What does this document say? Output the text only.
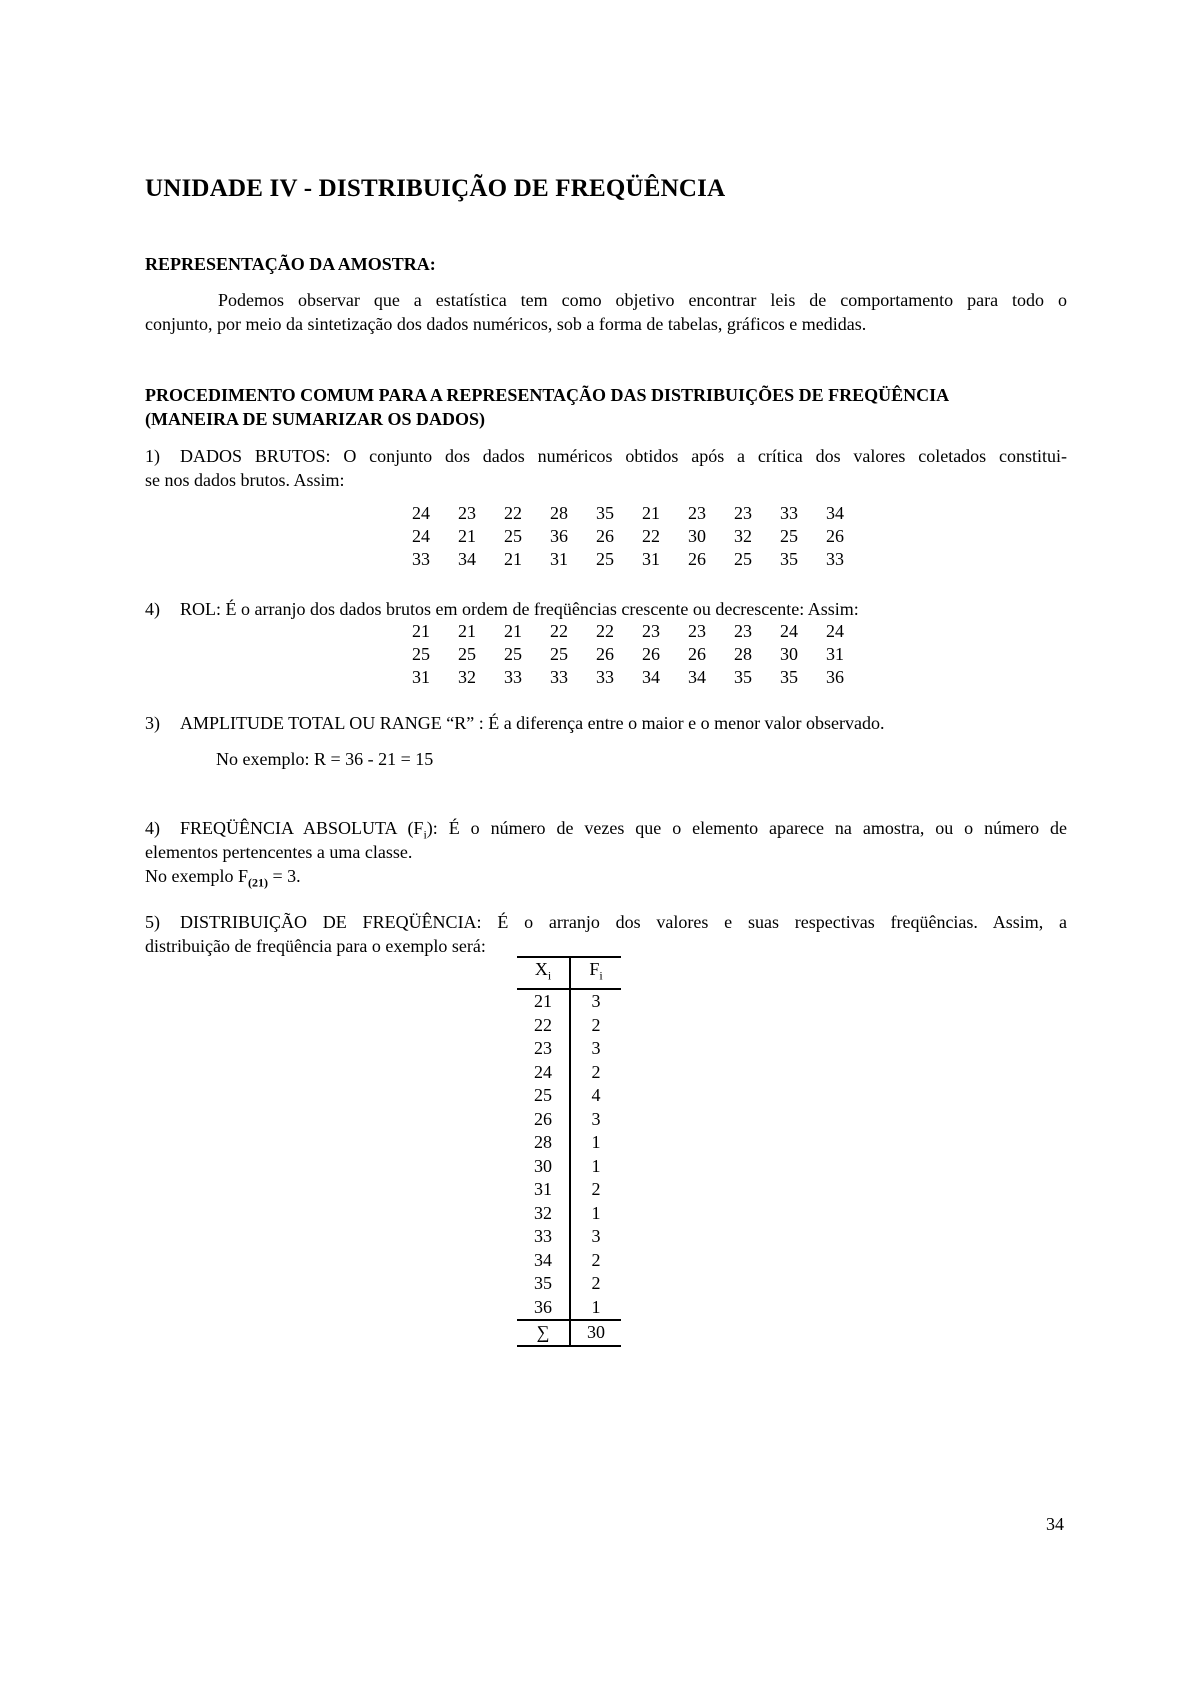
UNIDADE IV - DISTRIBUIÇÃO DE FREQÜÊNCIA
REPRESENTAÇÃO DA AMOSTRA:
Podemos observar que a estatística tem como objetivo encontrar leis de comportamento para todo o
conjunto, por meio da sintetização dos dados numéricos, sob a forma de tabelas, gráficos e medidas.
PROCEDIMENTO COMUM PARA A REPRESENTAÇÃO DAS DISTRIBUIÇÕES DE FREQÜÊNCIA
(MANEIRA DE SUMARIZAR OS DADOS)
1) DADOS BRUTOS: O conjunto dos dados numéricos obtidos após a crítica dos valores coletados constitui-
se nos dados brutos. Assim:
24	23	22	28	35	21	23	23	33	34
24	21	25	36	26	22	30	32	25	26
33	34	21	31	25	31	26	25	35	33
4) ROL: É o arranjo dos dados brutos em ordem de freqüências crescente ou decrescente: Assim:
21	21	21	22	22	23	23	23	24	24
25	25	25	25	26	26	26	28	30	31
31	32	33	33	33	34	34	35	35	36
3) AMPLITUDE TOTAL OU RANGE “R” : É a diferença entre o maior e o menor valor observado.
No exemplo: R = 36 - 21 = 15
4) FREQÜÊNCIA ABSOLUTA $(F_i)$: É o número de vezes que o elemento aparece na amostra, ou o número de
elementos pertencentes a uma classe.
No exemplo $F_{(21)} = 3$.
5) DISTRIBUIÇÃO DE FREQÜÊNCIA: É o arranjo dos valores e suas respectivas freqüências. Assim, a
distribuição de freqüência para o exemplo será:
$X_i$	$F_i$
21	3
22	2
23	3
24	2
25	4
26	3
28	1
30	1
31	2
32	1
33	3
34	2
35	2
36	1
∑	30
34
